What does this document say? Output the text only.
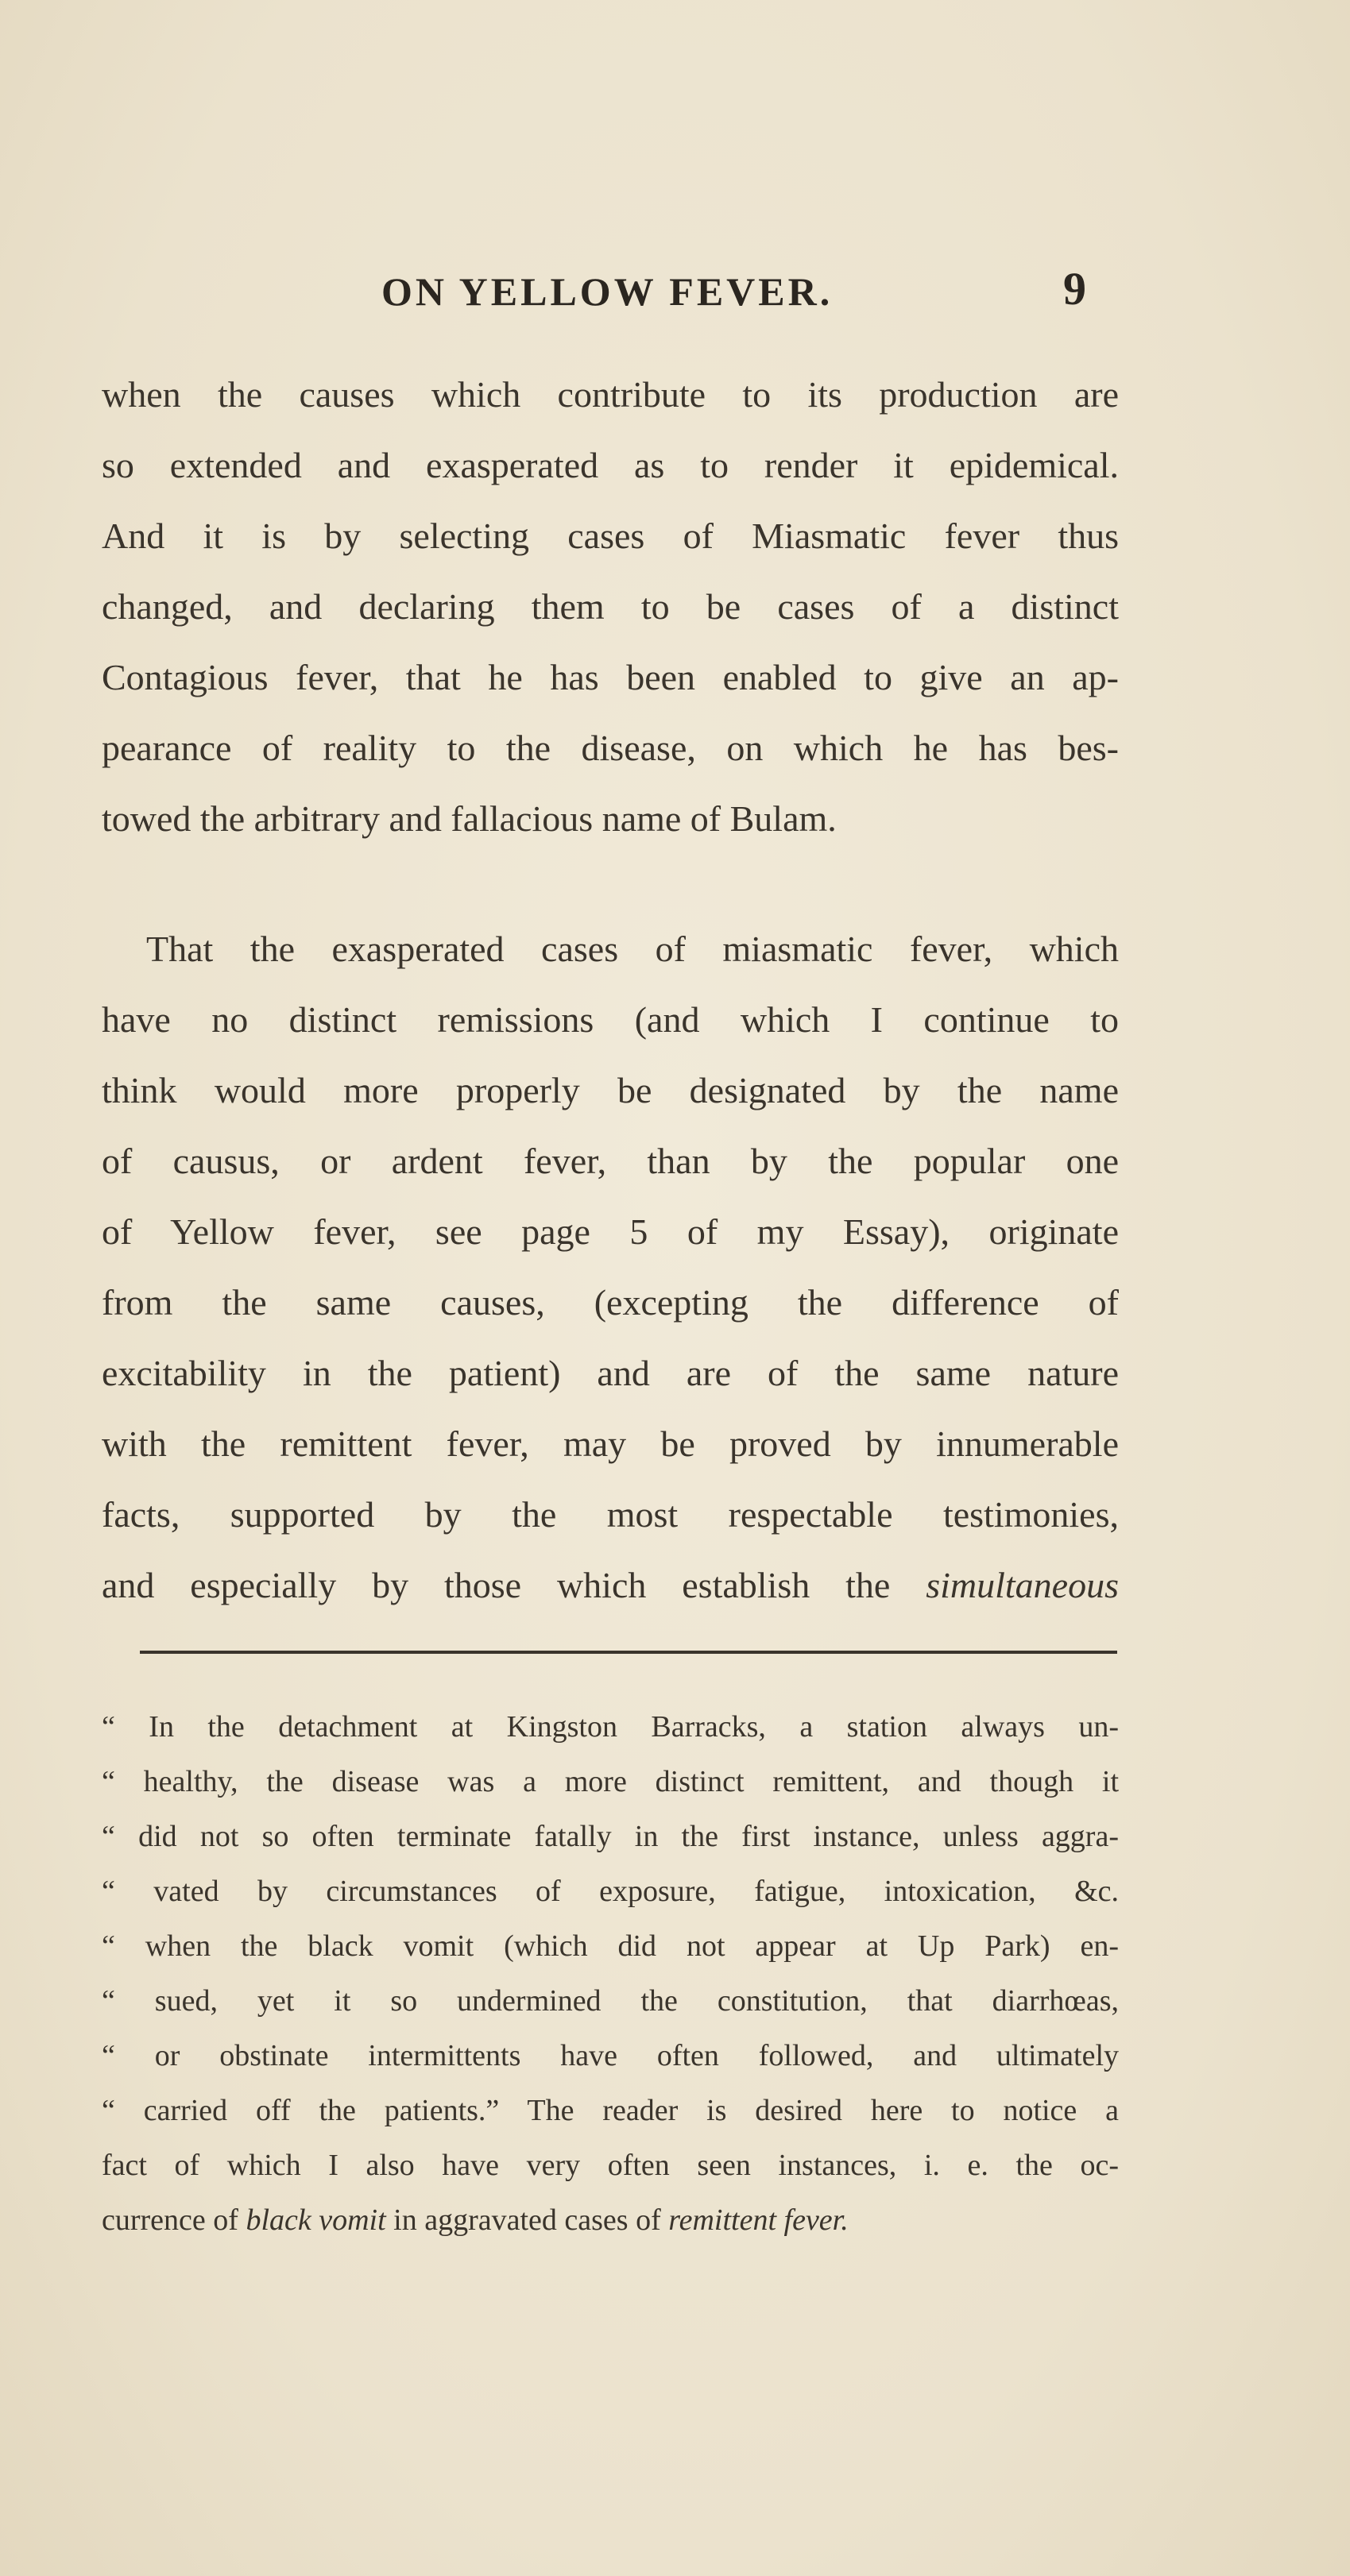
ON YELLOW FEVER.	9
when the causes which contribute to its production are
so extended and exasperated as to render it epidemical.
And it is by selecting cases of Miasmatic fever thus
changed, and declaring them to be cases of a distinct
Contagious fever, that he has been enabled to give an ap-
pearance of reality to the disease, on which he has bes-
towed the arbitrary and fallacious name of Bulam.
That the exasperated cases of miasmatic fever, which
have no distinct remissions (and which I continue to
think would more properly be designated by the name
of causus, or ardent fever, than by the popular one
of Yellow fever, see page 5 of my Essay), originate
from the same causes, (excepting the difference of
excitability in the patient) and are of the same nature
with the remittent fever, may be proved by innumerable
facts, supported by the most respectable testimonies,
and especially by those which establish the simultaneous
“ In the detachment at Kingston Barracks, a station always un-
“ healthy, the disease was a more distinct remittent, and though it
“ did not so often terminate fatally in the first instance, unless aggra-
“ vated by circumstances of exposure, fatigue, intoxication, &c.
“ when the black vomit (which did not appear at Up Park) en-
“ sued, yet it so undermined the constitution, that diarrhœas,
“ or obstinate intermittents have often followed, and ultimately
“ carried off the patients.” The reader is desired here to notice a
fact of which I also have very often seen instances, i. e. the oc-
currence of black vomit in aggravated cases of remittent fever.
